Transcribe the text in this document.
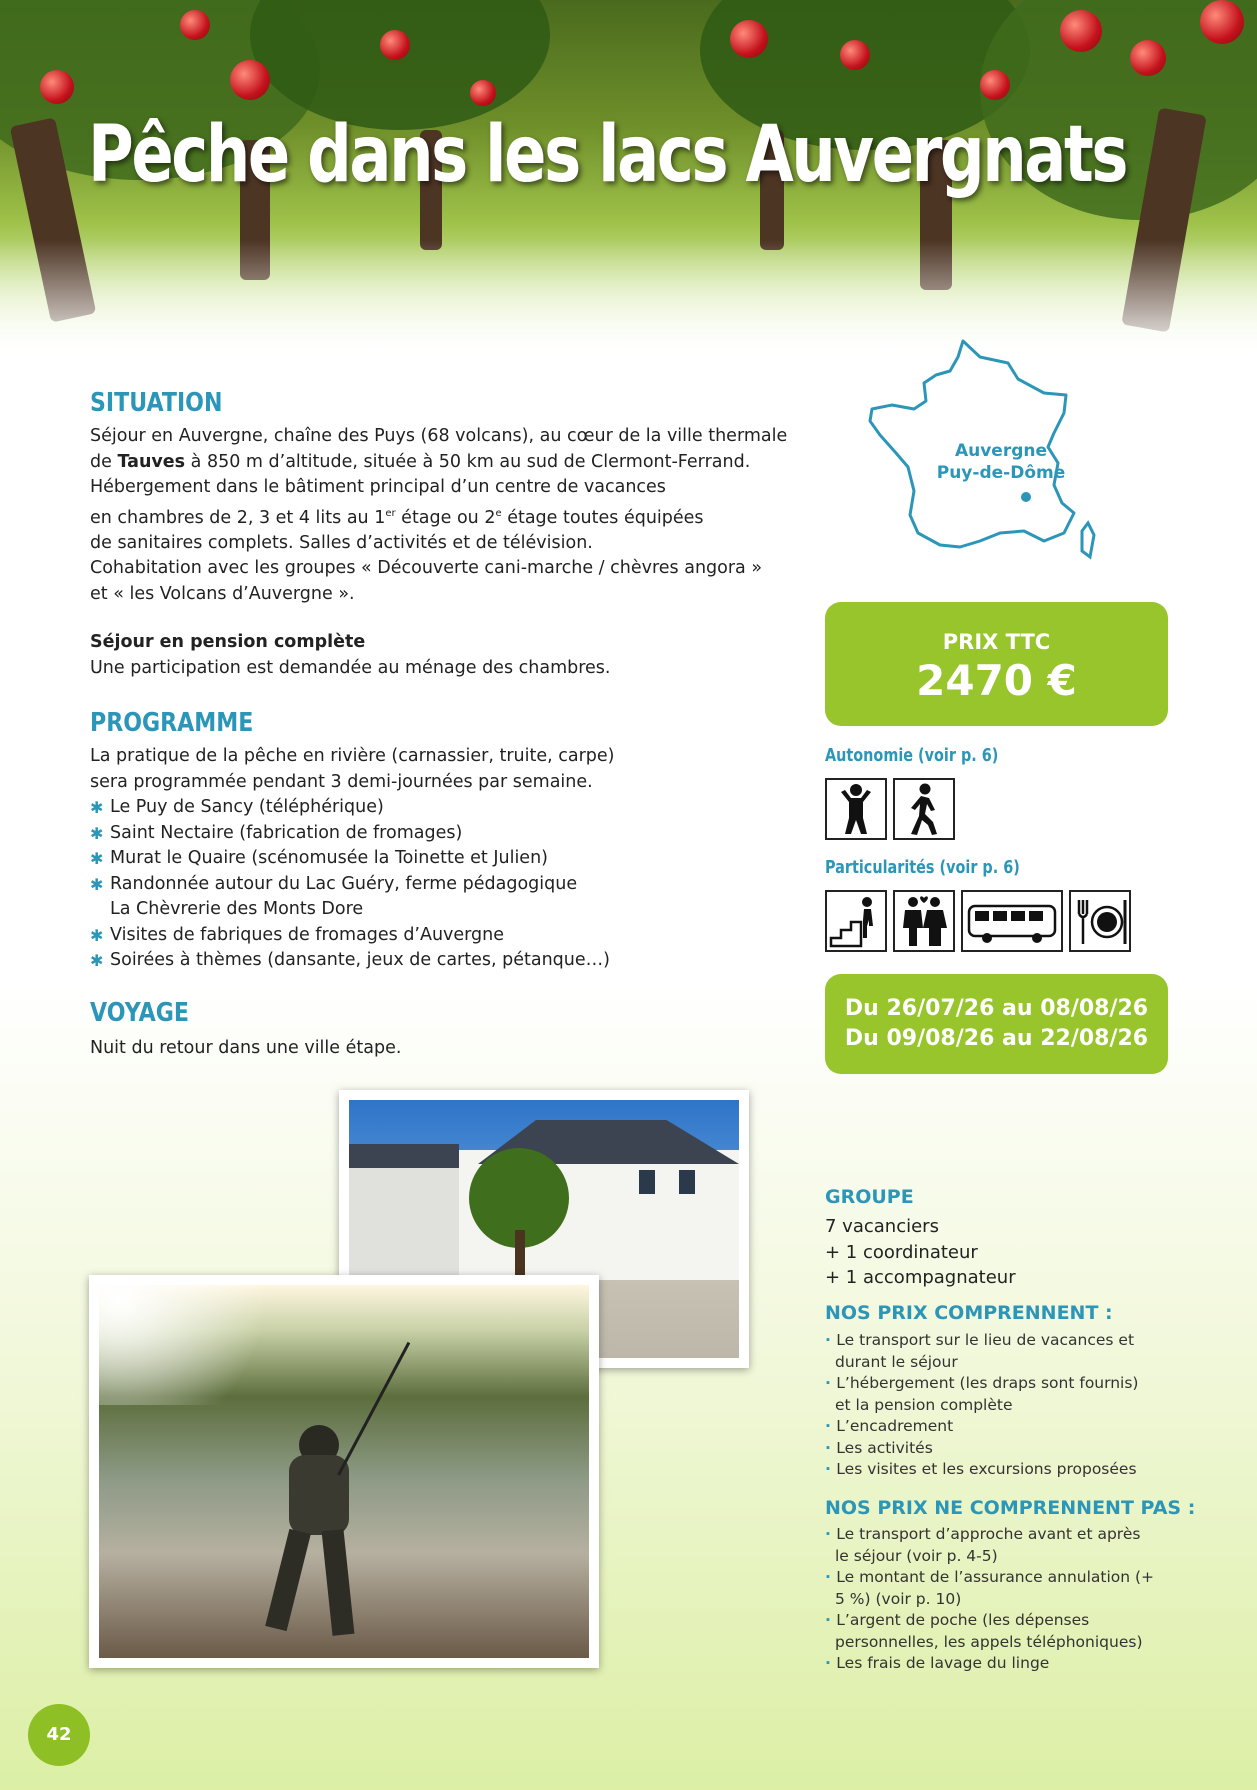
Pêche dans les lacs Auvergnats
SITUATION
Séjour en Auvergne, chaîne des Puys (68 volcans), au cœur de la ville thermale
de Tauves à 850 m d’altitude, située à 50 km au sud de Clermont-Ferrand.
Hébergement dans le bâtiment principal d’un centre de vacances
en chambres de 2, 3 et 4 lits au 1er étage ou 2e étage toutes équipées
de sanitaires complets. Salles d’activités et de télévision.
Cohabitation avec les groupes « Découverte cani-marche / chèvres angora »
et « les Volcans d’Auvergne ».
Séjour en pension complète
Une participation est demandée au ménage des chambres.
PROGRAMME
La pratique de la pêche en rivière (carnassier, truite, carpe)
sera programmée pendant 3 demi-journées par semaine.
✱ Le Puy de Sancy (téléphérique)
✱ Saint Nectaire (fabrication de fromages)
✱ Murat le Quaire (scénomusée la Toinette et Julien)
✱ Randonnée autour du Lac Guéry, ferme pédagogique
La Chèvrerie des Monts Dore
✱ Visites de fabriques de fromages d’Auvergne
✱ Soirées à thèmes (dansante, jeux de cartes, pétanque…)
VOYAGE
Nuit du retour dans une ville étape.
Auvergne
Puy-de-Dôme
PRIX TTC
2470 €
Autonomie (voir p. 6)
Particularités (voir p. 6)
Du 26/07/26 au 08/08/26
Du 09/08/26 au 22/08/26
GROUPE
7 vacanciers
+ 1 coordinateur
+ 1 accompagnateur
NOS PRIX COMPRENNENT :
· Le transport sur le lieu de vacances et durant le séjour
· L’hébergement (les draps sont fournis) et la pension complète
· L’encadrement
· Les activités
· Les visites et les excursions proposées
NOS PRIX NE COMPRENNENT PAS :
· Le transport d’approche avant et après le séjour (voir p. 4-5)
· Le montant de l’assurance annulation (+ 5 %) (voir p. 10)
· L’argent de poche (les dépenses personnelles, les appels téléphoniques)
· Les frais de lavage du linge
42
